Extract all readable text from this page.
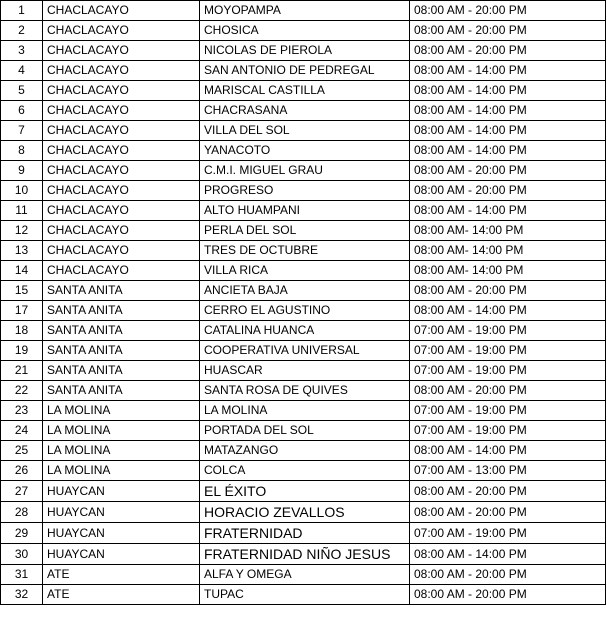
1	CHACLACAYO	MOYOPAMPA	08:00 AM - 20:00 PM
2	CHACLACAYO	CHOSICA	08:00 AM - 20:00 PM
3	CHACLACAYO	NICOLAS DE PIEROLA	08:00 AM - 20:00 PM
4	CHACLACAYO	SAN ANTONIO DE PEDREGAL	08:00 AM - 14:00 PM
5	CHACLACAYO	MARISCAL CASTILLA	08:00 AM - 14:00 PM
6	CHACLACAYO	CHACRASANA	08:00 AM - 14:00 PM
7	CHACLACAYO	VILLA DEL SOL	08:00 AM - 14:00 PM
8	CHACLACAYO	YANACOTO	08:00 AM - 14:00 PM
9	CHACLACAYO	C.M.I. MIGUEL GRAU	08:00 AM - 20:00 PM
10	CHACLACAYO	PROGRESO	08:00 AM - 20:00 PM
11	CHACLACAYO	ALTO HUAMPANI	08:00 AM - 14:00 PM
12	CHACLACAYO	PERLA DEL SOL	08:00 AM- 14:00 PM
13	CHACLACAYO	TRES DE OCTUBRE	08:00 AM- 14:00 PM
14	CHACLACAYO	VILLA RICA	08:00 AM- 14:00 PM
15	SANTA ANITA	ANCIETA BAJA	08:00 AM - 20:00 PM
17	SANTA ANITA	CERRO EL AGUSTINO	08:00 AM - 14:00 PM
18	SANTA ANITA	CATALINA HUANCA	07:00 AM - 19:00 PM
19	SANTA ANITA	COOPERATIVA UNIVERSAL	07:00 AM - 19:00 PM
21	SANTA ANITA	HUASCAR	07:00 AM - 19:00 PM
22	SANTA ANITA	SANTA ROSA DE QUIVES	08:00 AM - 20:00 PM
23	LA MOLINA	LA MOLINA	07:00 AM - 19:00 PM
24	LA MOLINA	PORTADA DEL SOL	07:00 AM - 19:00 PM
25	LA MOLINA	MATAZANGO	08:00 AM - 14:00 PM
26	LA MOLINA	COLCA	07:00 AM - 13:00 PM
27	HUAYCAN	EL ÉXITO	08:00 AM - 20:00 PM
28	HUAYCAN	HORACIO ZEVALLOS	08:00 AM - 20:00 PM
29	HUAYCAN	FRATERNIDAD	07:00 AM - 19:00 PM
30	HUAYCAN	FRATERNIDAD NIÑO JESUS	08:00 AM - 14:00 PM
31	ATE	ALFA Y OMEGA	08:00 AM - 20:00 PM
32	ATE	TUPAC	08:00 AM - 20:00 PM
